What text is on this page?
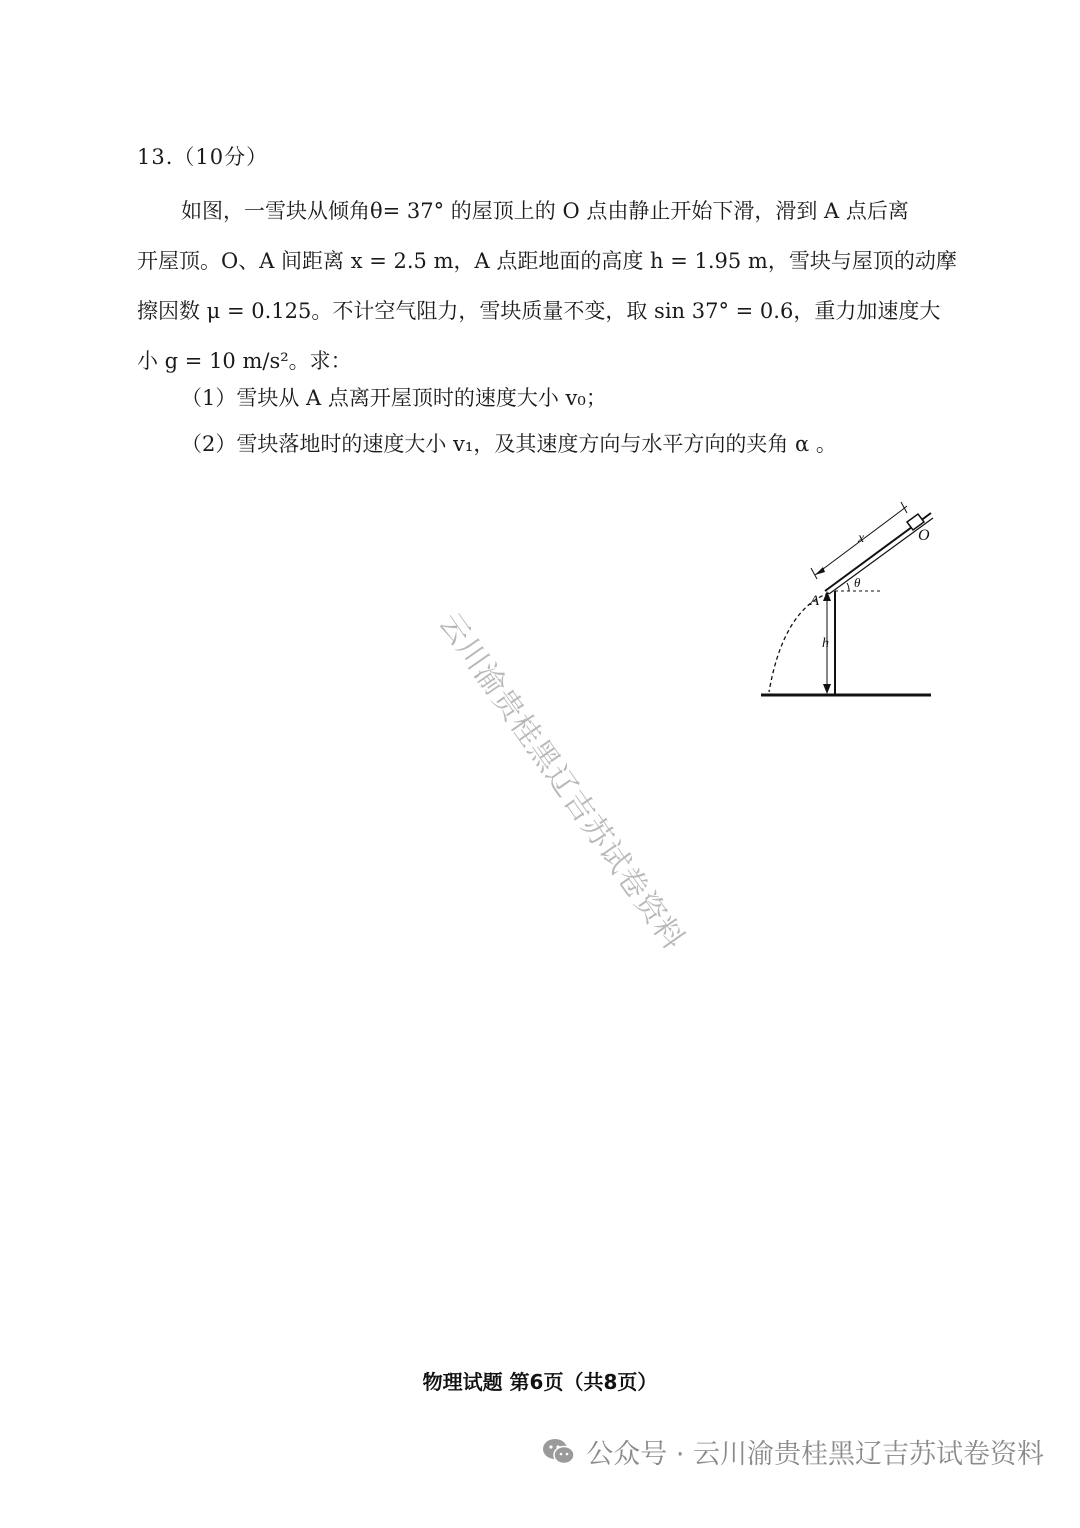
13.（10分）
如图，一雪块从倾角θ= 37° 的屋顶上的 O 点由静止开始下滑，滑到 A 点后离
开屋顶。O、A 间距离 x = 2.5 m，A 点距地面的高度 h = 1.95 m，雪块与屋顶的动摩
擦因数 μ = 0.125。不计空气阻力，雪块质量不变，取 sin 37° = 0.6，重力加速度大
小 g = 10 m/s²。求：
（1）雪块从 A 点离开屋顶时的速度大小 v₀；
（2）雪块落地时的速度大小 v₁，及其速度方向与水平方向的夹角 α 。
x	O
θ
A
h
云川渝贵桂黑辽吉苏试卷资料
物理试题 第6页（共8页）
公众号 · 云川渝贵桂黑辽吉苏试卷资料
